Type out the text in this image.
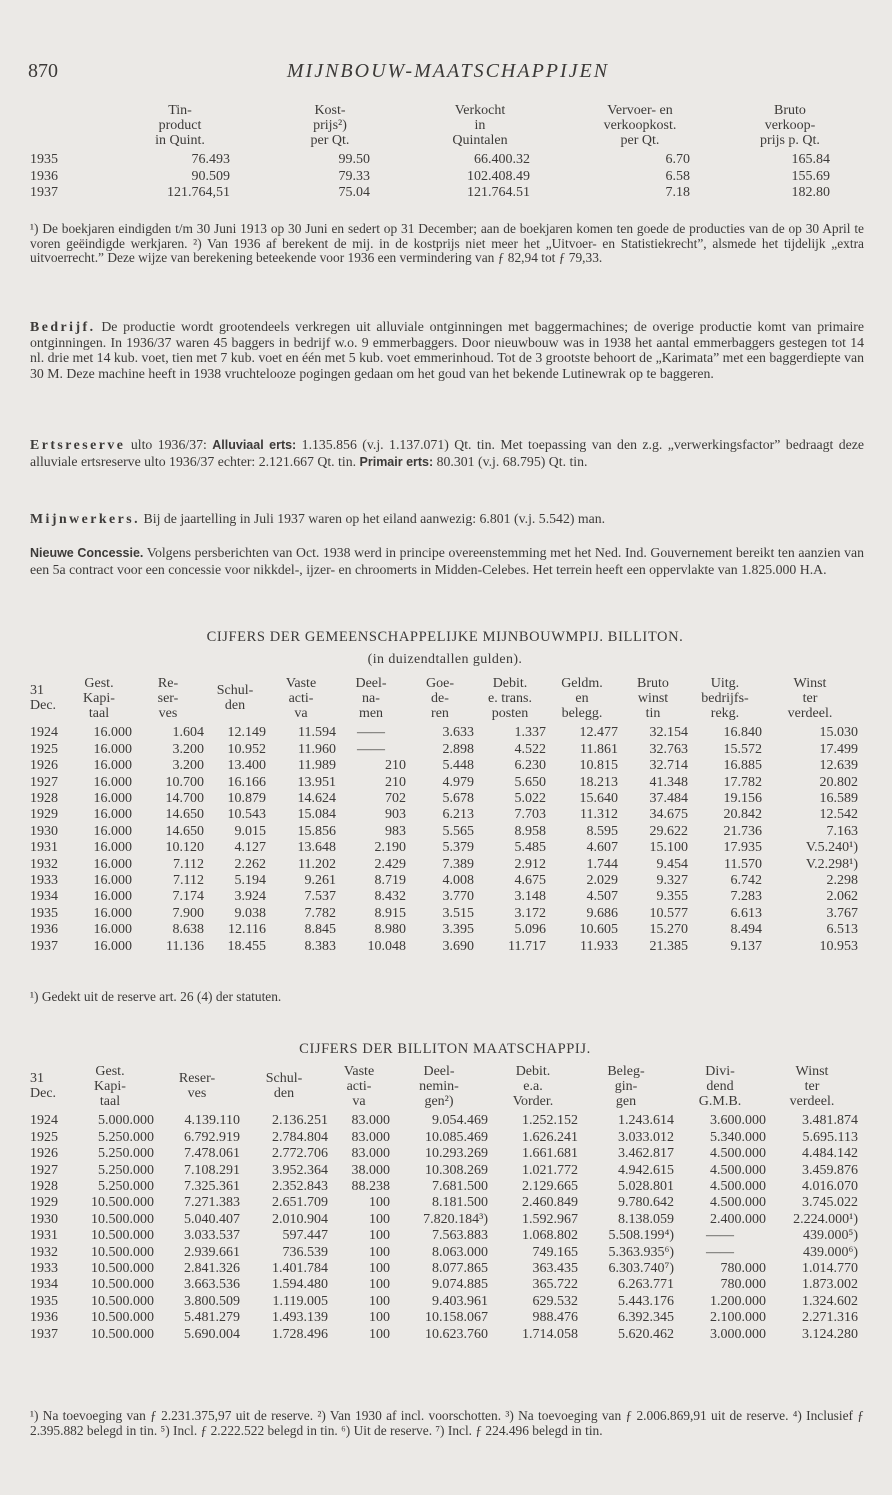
870	MIJNBOUW-MAATSCHAPPIJEN
	Tin-
product
in Quint.	Kost-
prijs²)
per Qt.	Verkocht
in
Quintalen	Vervoer- en
verkoopkost.
per Qt.	Bruto
verkoop-
prijs p. Qt.
1935	76.493	99.50	66.400.32	6.70	165.84
1936	90.509	79.33	102.408.49	6.58	155.69
1937	121.764,51	75.04	121.764.51	7.18	182.80
¹) De boekjaren eindigden t/m 30 Juni 1913 op 30 Juni en sedert op 31 December; aan de boekjaren komen ten goede de producties van de op 30 April te voren geëindigde werkjaren. ²) Van 1936 af berekent de mij. in de kostprijs niet meer het „Uitvoer- en Statistiekrecht”, alsmede het tijdelijk „extra uitvoerrecht.” Deze wijze van berekening beteekende voor 1936 een vermindering van ƒ 82,94 tot ƒ 79,33.
Bedrijf. De productie wordt grootendeels verkregen uit alluviale ontginningen met baggermachines; de overige productie komt van primaire ontginningen. In 1936/37 waren 45 baggers in bedrijf w.o. 9 emmerbaggers. Door nieuwbouw was in 1938 het aantal emmerbaggers gestegen tot 14 nl. drie met 14 kub. voet, tien met 7 kub. voet en één met 5 kub. voet emmerinhoud. Tot de 3 grootste behoort de „Karimata” met een baggerdiepte van 30 M. Deze machine heeft in 1938 vruchtelooze pogingen gedaan om het goud van het bekende Lutinewrak op te baggeren.
Ertsreserve ulto 1936/37: Alluviaal erts: 1.135.856 (v.j. 1.137.071) Qt. tin. Met toepassing van den z.g. „verwerkingsfactor” bedraagt deze alluviale ertsreserve ulto 1936/37 echter: 2.121.667 Qt. tin. Primair erts: 80.301 (v.j. 68.795) Qt. tin.
Mijnwerkers. Bij de jaartelling in Juli 1937 waren op het eiland aanwezig: 6.801 (v.j. 5.542) man.
Nieuwe Concessie. Volgens persberichten van Oct. 1938 werd in principe overeenstemming met het Ned. Ind. Gouvernement bereikt ten aanzien van een 5a contract voor een concessie voor nikkdel-, ijzer- en chroomerts in Midden-Celebes. Het terrein heeft een oppervlakte van 1.825.000 H.A.
CIJFERS DER GEMEENSCHAPPELIJKE MIJNBOUWMPIJ. BILLITON.
(in duizendtallen gulden).
31
Dec.	Gest.
Kapi-
taal	Re-
ser-
ves	Schul-
den	Vaste
acti-
va	Deel-
na-
men	Goe-
de-
ren	Debit.
e. trans.
posten	Geldm.
en
belegg.	Bruto
winst
tin	Uitg.
bedrijfs-
rekg.	Winst
ter
verdeel.
1924	16.000	1.604	12.149	11.594	——	3.633	1.337	12.477	32.154	16.840	15.030
1925	16.000	3.200	10.952	11.960	——	2.898	4.522	11.861	32.763	15.572	17.499
1926	16.000	3.200	13.400	11.989	210	5.448	6.230	10.815	32.714	16.885	12.639
1927	16.000	10.700	16.166	13.951	210	4.979	5.650	18.213	41.348	17.782	20.802
1928	16.000	14.700	10.879	14.624	702	5.678	5.022	15.640	37.484	19.156	16.589
1929	16.000	14.650	10.543	15.084	903	6.213	7.703	11.312	34.675	20.842	12.542
1930	16.000	14.650	9.015	15.856	983	5.565	8.958	8.595	29.622	21.736	7.163
1931	16.000	10.120	4.127	13.648	2.190	5.379	5.485	4.607	15.100	17.935	V.5.240¹)
1932	16.000	7.112	2.262	11.202	2.429	7.389	2.912	1.744	9.454	11.570	V.2.298¹)
1933	16.000	7.112	5.194	9.261	8.719	4.008	4.675	2.029	9.327	6.742	2.298
1934	16.000	7.174	3.924	7.537	8.432	3.770	3.148	4.507	9.355	7.283	2.062
1935	16.000	7.900	9.038	7.782	8.915	3.515	3.172	9.686	10.577	6.613	3.767
1936	16.000	8.638	12.116	8.845	8.980	3.395	5.096	10.605	15.270	8.494	6.513
1937	16.000	11.136	18.455	8.383	10.048	3.690	11.717	11.933	21.385	9.137	10.953
¹) Gedekt uit de reserve art. 26 (4) der statuten.
CIJFERS DER BILLITON MAATSCHAPPIJ.
31
Dec.	Gest.
Kapi-
taal	Reser-
ves	Schul-
den	Vaste
acti-
va	Deel-
nemin-
gen²)	Debit.
e.a.
Vorder.	Beleg-
gin-
gen	Divi-
dend
G.M.B.	Winst
ter
verdeel.
1924	5.000.000	4.139.110	2.136.251	83.000	9.054.469	1.252.152	1.243.614	3.600.000	3.481.874
1925	5.250.000	6.792.919	2.784.804	83.000	10.085.469	1.626.241	3.033.012	5.340.000	5.695.113
1926	5.250.000	7.478.061	2.772.706	83.000	10.293.269	1.661.681	3.462.817	4.500.000	4.484.142
1927	5.250.000	7.108.291	3.952.364	38.000	10.308.269	1.021.772	4.942.615	4.500.000	3.459.876
1928	5.250.000	7.325.361	2.352.843	88.238	7.681.500	2.129.665	5.028.801	4.500.000	4.016.070
1929	10.500.000	7.271.383	2.651.709	100	8.181.500	2.460.849	9.780.642	4.500.000	3.745.022
1930	10.500.000	5.040.407	2.010.904	100	7.820.184³)	1.592.967	8.138.059	2.400.000	2.224.000¹)
1931	10.500.000	3.033.537	597.447	100	7.563.883	1.068.802	5.508.199⁴)	——	439.000⁵)
1932	10.500.000	2.939.661	736.539	100	8.063.000	749.165	5.363.935⁶)	——	439.000⁶)
1933	10.500.000	2.841.326	1.401.784	100	8.077.865	363.435	6.303.740⁷)	780.000	1.014.770
1934	10.500.000	3.663.536	1.594.480	100	9.074.885	365.722	6.263.771	780.000	1.873.002
1935	10.500.000	3.800.509	1.119.005	100	9.403.961	629.532	5.443.176	1.200.000	1.324.602
1936	10.500.000	5.481.279	1.493.139	100	10.158.067	988.476	6.392.345	2.100.000	2.271.316
1937	10.500.000	5.690.004	1.728.496	100	10.623.760	1.714.058	5.620.462	3.000.000	3.124.280
¹) Na toevoeging van ƒ 2.231.375,97 uit de reserve. ²) Van 1930 af incl. voorschotten. ³) Na toevoeging van ƒ 2.006.869,91 uit de reserve. ⁴) Inclusief ƒ 2.395.882 belegd in tin. ⁵) Incl. ƒ 2.222.522 belegd in tin. ⁶) Uit de reserve. ⁷) Incl. ƒ 224.496 belegd in tin.
